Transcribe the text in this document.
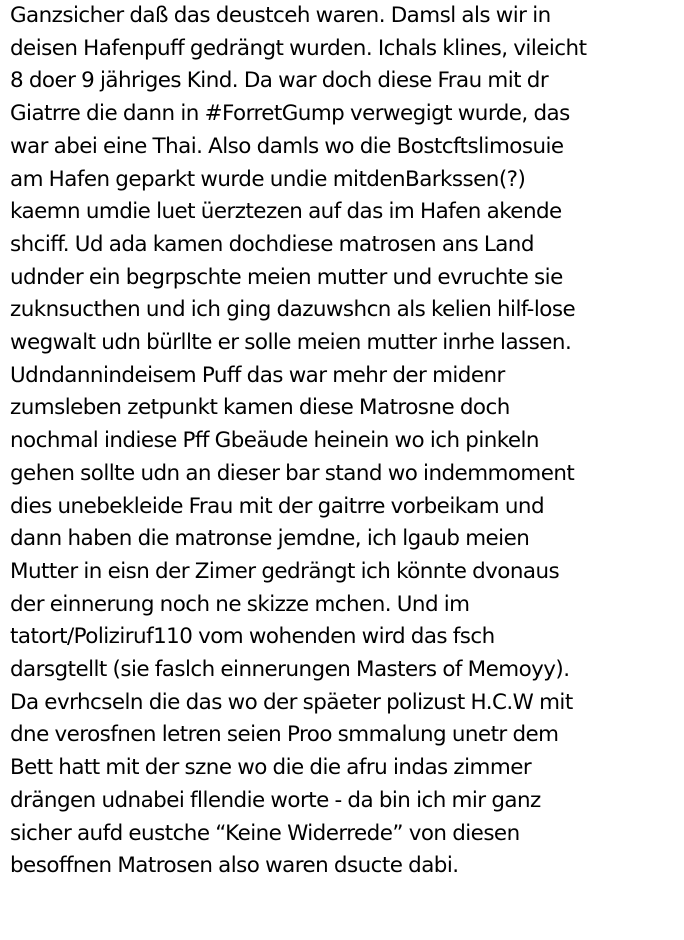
Ganzsicher daß das deustceh waren. Damsl als wir in
deisen Hafenpuff gedrängt wurden. Ichals klines, vileicht
8 doer 9 jähriges Kind. Da war doch diese Frau mit dr
Giatrre die dann in #ForretGump verwegigt wurde, das
war abei eine Thai. Also damls wo die Bostcftslimosuie
am Hafen geparkt wurde undie mitdenBarkssen(?)
kaemn umdie luet üerztezen auf das im Hafen akende
shciff. Ud ada kamen dochdiese matrosen ans Land
udnder ein begrpschte meien mutter und evruchte sie
zuknsucthen und ich ging dazuwshcn als kelien hilf-lose
wegwalt udn bürllte er solle meien mutter inrhe lassen.
Udndannindeisem Puff das war mehr der midenr
zumsleben zetpunkt kamen diese Matrosne doch
nochmal indiese Pff Gbeäude heinein wo ich pinkeln
gehen sollte udn an dieser bar stand wo indemmoment
dies unebekleide Frau mit der gaitrre vorbeikam und
dann haben die matronse jemdne, ich lgaub meien
Mutter in eisn der Zimer gedrängt ich könnte dvonaus
der einnerung noch ne skizze mchen. Und im
tatort/Poliziruf110 vom wohenden wird das fsch
darsgtellt (sie faslch einnerungen Masters of Memoyy).
Da evrhcseln die das wo der späeter polizust H.C.W mit
dne verosfnen letren seien Proo smmalung unetr dem
Bett hatt mit der szne wo die die afru indas zimmer
drängen udnabei fllendie worte - da bin ich mir ganz
sicher aufd eustche “Keine Widerrede” von diesen
besoffnen Matrosen also waren dsucte dabi.
